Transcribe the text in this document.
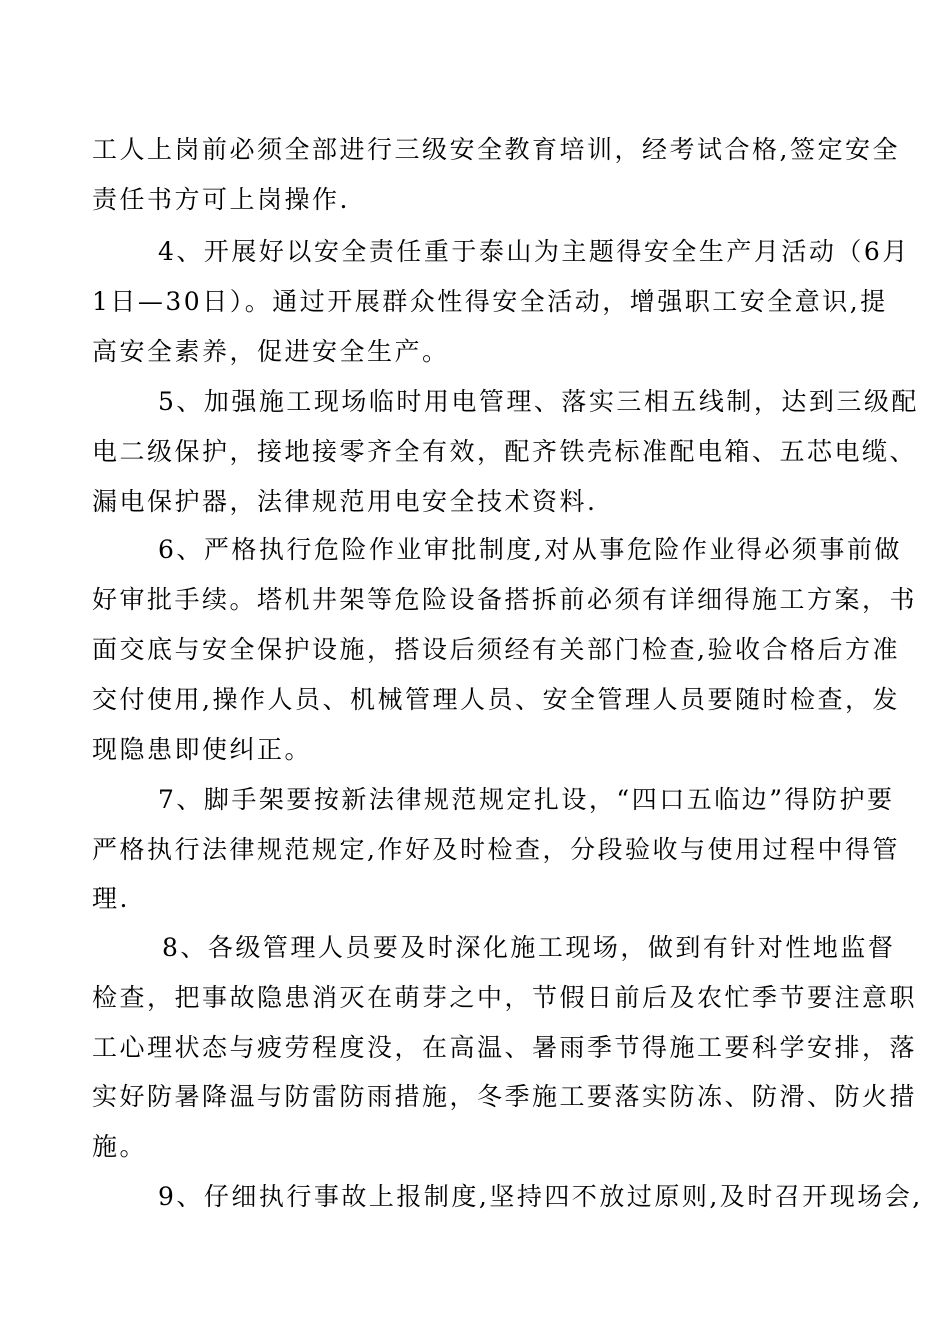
工人上岗前必须全部进行三级安全教育培训，经考试合格,签定安全
责任书方可上岗操作.
4、开展好以安全责任重于泰山为主题得安全生产月活动（6月
1日—30日）。通过开展群众性得安全活动，增强职工安全意识,提
高安全素养，促进安全生产。
5、加强施工现场临时用电管理、落实三相五线制，达到三级配
电二级保护，接地接零齐全有效，配齐铁壳标准配电箱、五芯电缆、
漏电保护器，法律规范用电安全技术资料.
6、严格执行危险作业审批制度,对从事危险作业得必须事前做
好审批手续。塔机井架等危险设备搭拆前必须有详细得施工方案，书
面交底与安全保护设施，搭设后须经有关部门检查,验收合格后方准
交付使用,操作人员、机械管理人员、安全管理人员要随时检查，发
现隐患即使纠正。
7、脚手架要按新法律规范规定扎设，“四口五临边”得防护要
严格执行法律规范规定,作好及时检查，分段验收与使用过程中得管
理.
8、各级管理人员要及时深化施工现场，做到有针对性地监督
检查，把事故隐患消灭在萌芽之中，节假日前后及农忙季节要注意职
工心理状态与疲劳程度没，在高温、暑雨季节得施工要科学安排，落
实好防暑降温与防雷防雨措施，冬季施工要落实防冻、防滑、防火措
施。
9、仔细执行事故上报制度,坚持四不放过原则,及时召开现场会,
